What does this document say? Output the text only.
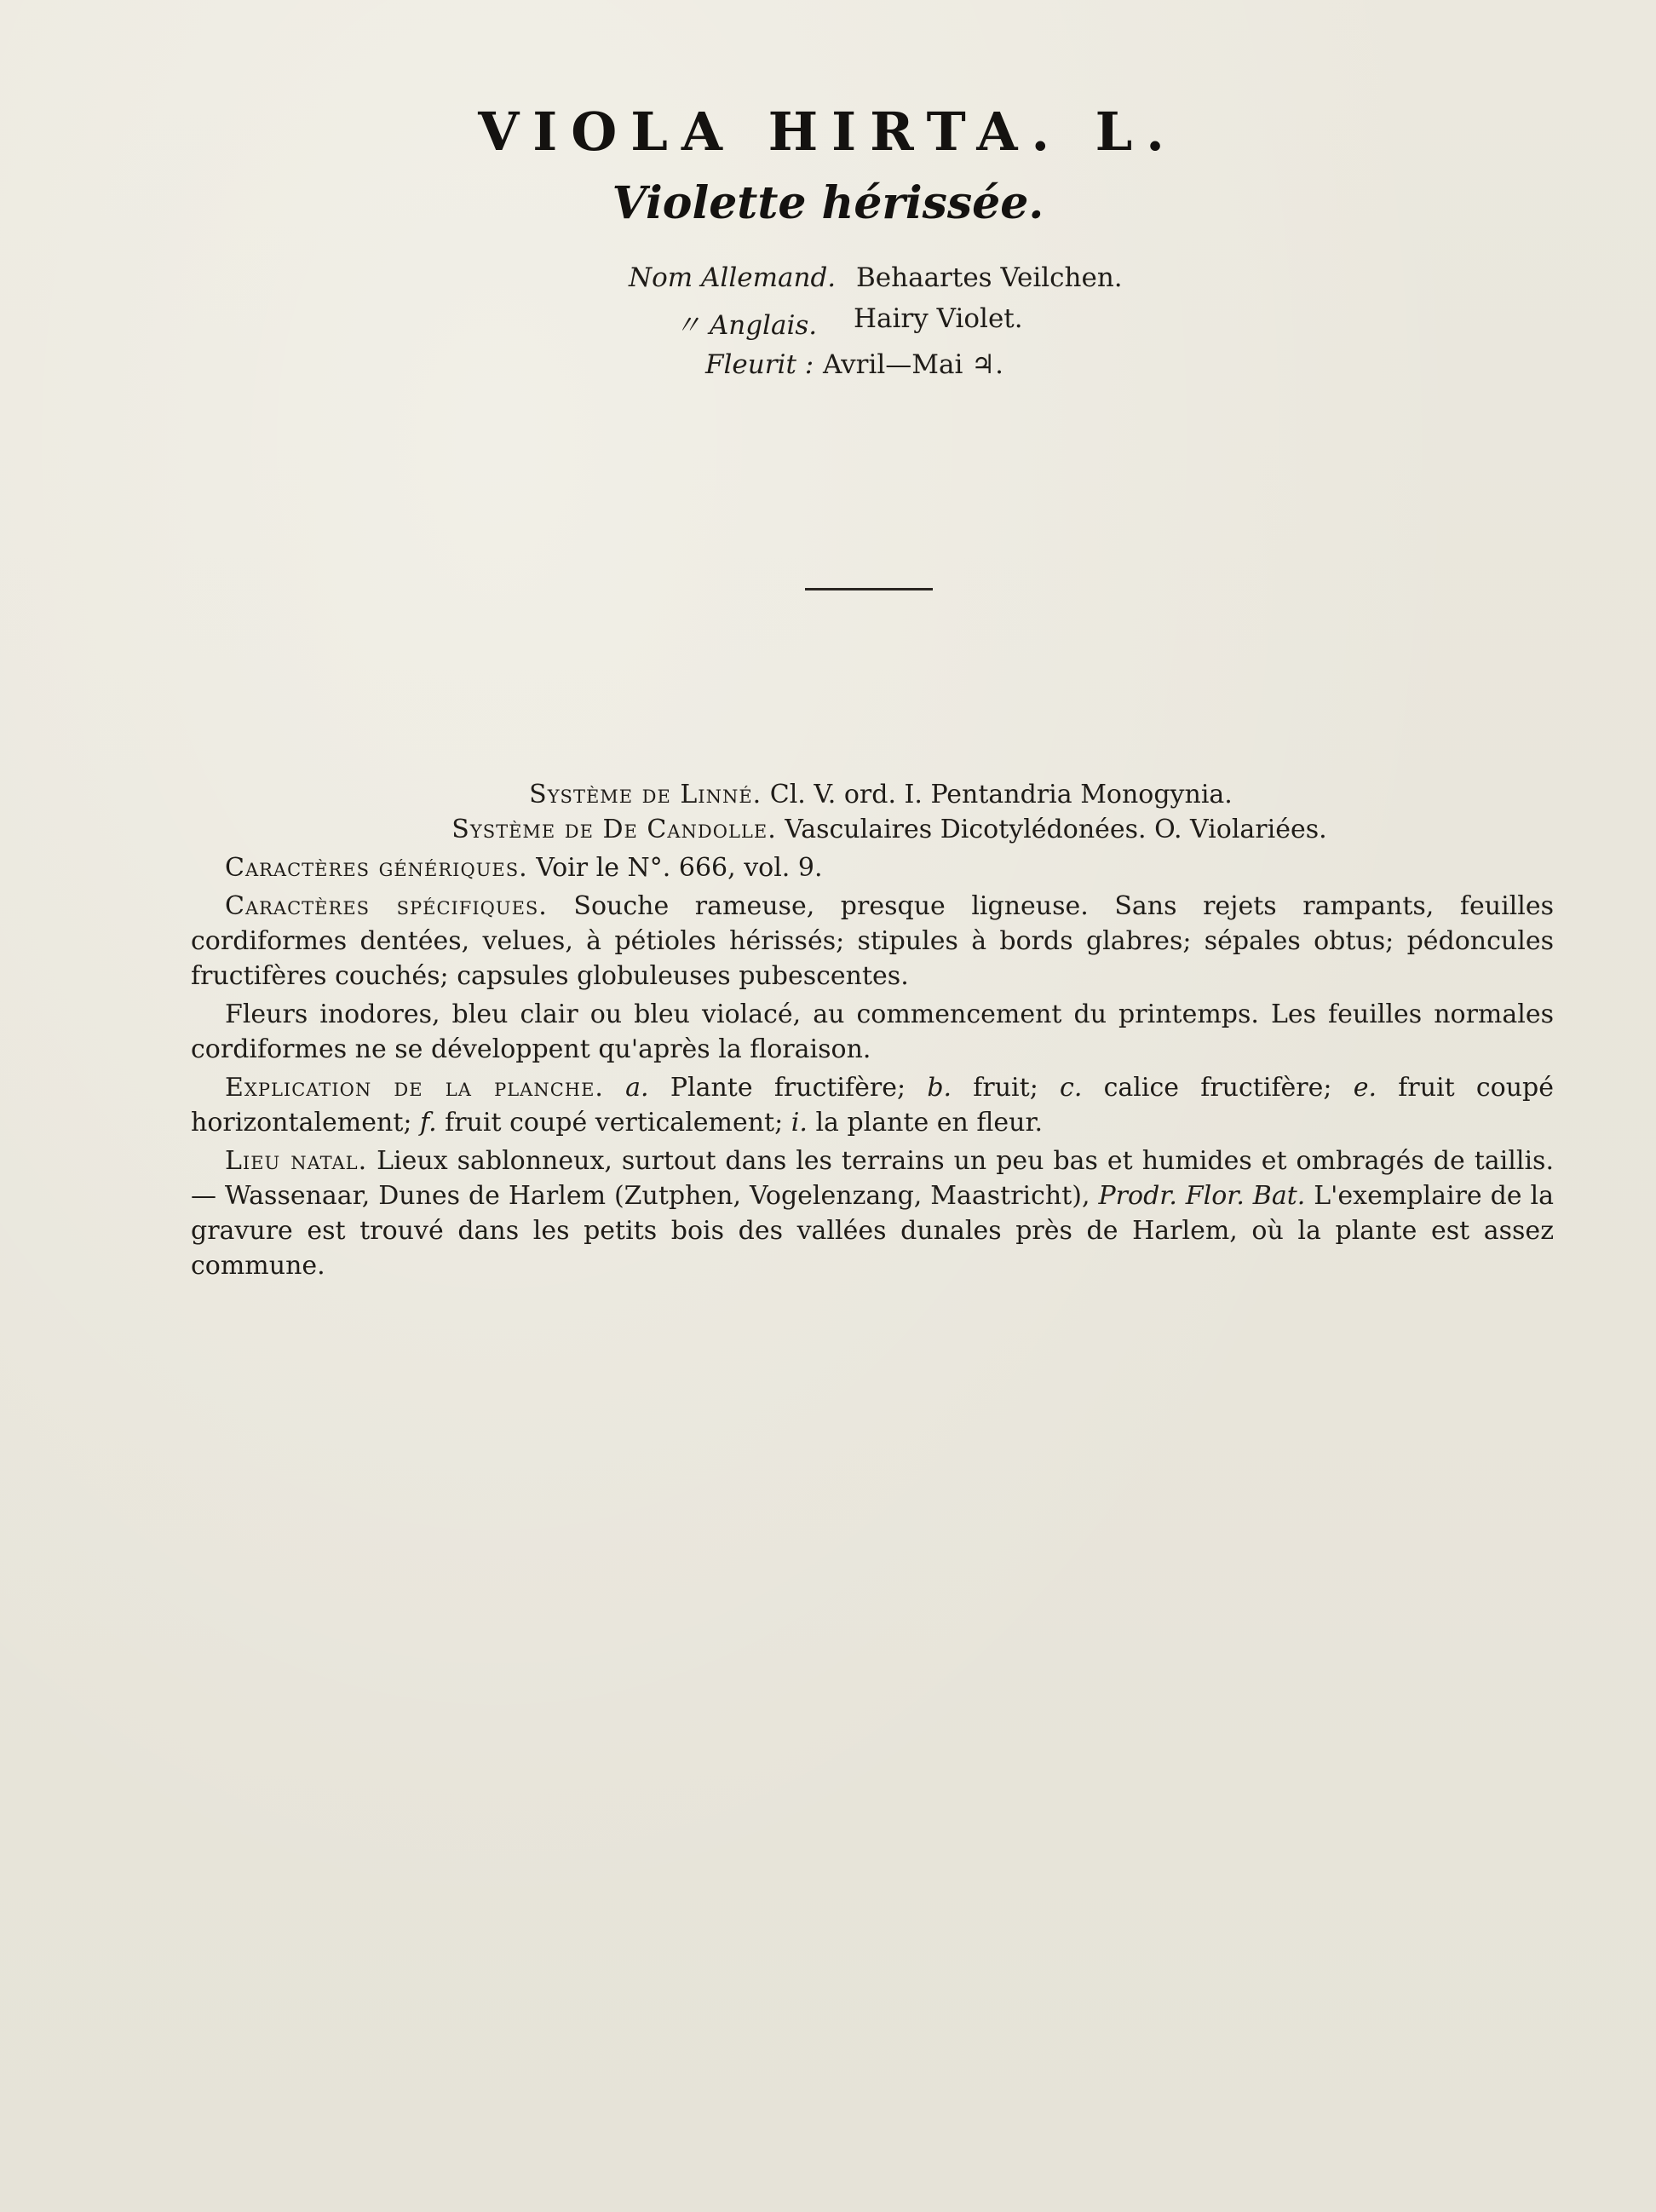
VIOLA HIRTA. L.
Violette hérissée.
Nom Allemand. Behaartes Veilchen.
〃 Anglais. Hairy Violet.
Fleurit : Avril—Mai ♃.

Système de Linné. Cl. V. ord. I. Pentandria Monogynia.

Système de De Candolle. Vasculaires Dicotylédonées. O. Violariées.

Caractères génériques. Voir le N°. 666, vol. 9.

Caractères spécifiques. Souche rameuse, presque ligneuse. Sans rejets rampants, feuilles cordiformes dentées, velues, à pétioles hérissés; stipules à bords glabres; sépales obtus; pédoncules fructifères couchés; capsules globuleuses pubescentes.

Fleurs inodores, bleu clair ou bleu violacé, au commencement du printemps. Les feuilles normales cordiformes ne se développent qu'après la floraison.

Explication de la planche. a. Plante fructifère; b. fruit; c. calice fructifère; e. fruit coupé horizontalement; f. fruit coupé verticalement; i. la plante en fleur.

Lieu natal. Lieux sablonneux, surtout dans les terrains un peu bas et humides et ombragés de taillis. — Wassenaar, Dunes de Harlem (Zutphen, Vogelenzang, Maastricht), Prodr. Flor. Bat. L'exemplaire de la gravure est trouvé dans les petits bois des vallées dunales près de Harlem, où la plante est assez commune.
